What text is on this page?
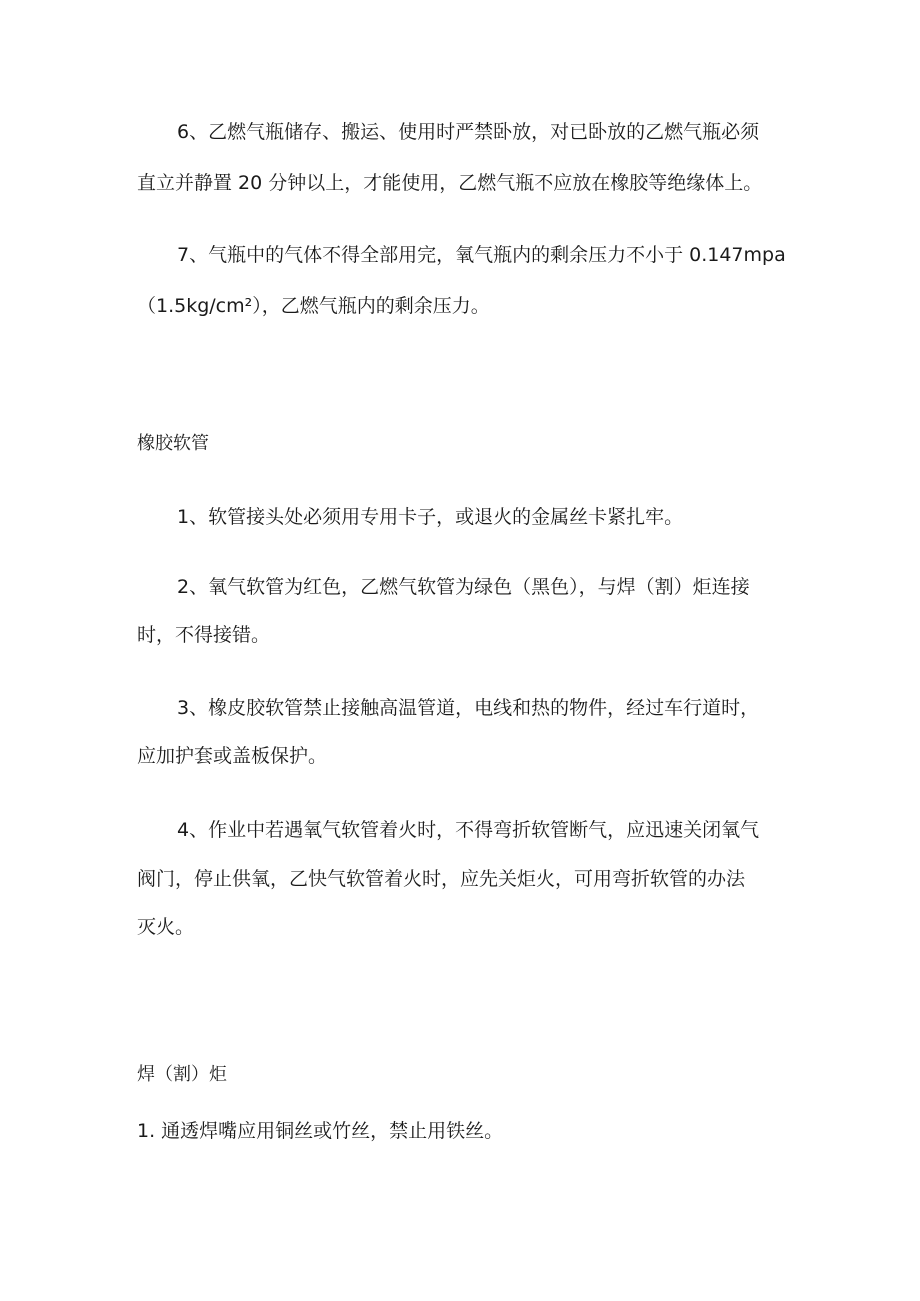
6、乙燃气瓶储存、搬运、使用时严禁卧放，对已卧放的乙燃气瓶必须
直立并静置 20 分钟以上，才能使用，乙燃气瓶不应放在橡胶等绝缘体上。
7、气瓶中的气体不得全部用完，氧气瓶内的剩余压力不小于 0.147mpa
（1.5kg/cm²），乙燃气瓶内的剩余压力。
橡胶软管
1、软管接头处必须用专用卡子，或退火的金属丝卡紧扎牢。
2、氧气软管为红色，乙燃气软管为绿色（黑色），与焊（割）炬连接
时，不得接错。
3、橡皮胶软管禁止接触高温管道，电线和热的物件，经过车行道时，
应加护套或盖板保护。
4、作业中若遇氧气软管着火时，不得弯折软管断气，应迅速关闭氧气
阀门，停止供氧，乙快气软管着火时，应先关炬火，可用弯折软管的办法
灭火。
焊（割）炬
1. 通透焊嘴应用铜丝或竹丝，禁止用铁丝。
